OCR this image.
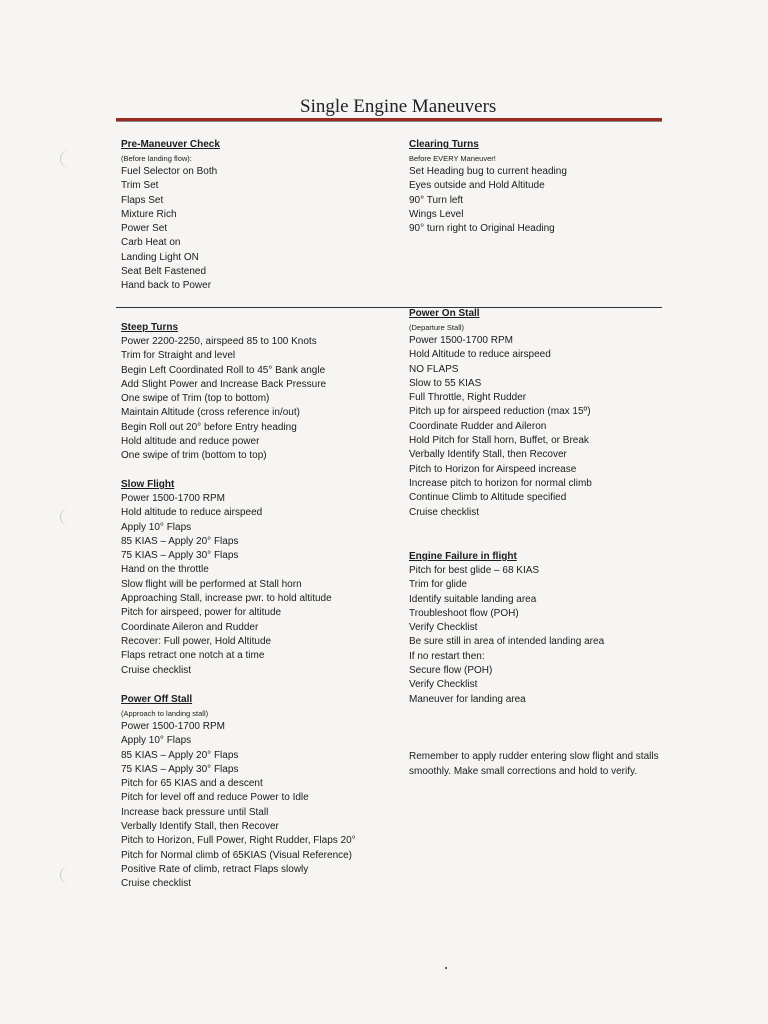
Single Engine Maneuvers
Pre-Maneuver Check
(Before landing flow):
Fuel Selector on Both
Trim Set
Flaps Set
Mixture Rich
Power Set
Carb Heat on
Landing Light ON
Seat Belt Fastened
Hand back to Power
Clearing Turns
Before EVERY Maneuver!
Set Heading bug to current heading
Eyes outside and Hold Altitude
90° Turn left
Wings Level
90° turn right to Original Heading
Steep Turns
Power 2200-2250, airspeed 85 to 100 Knots
Trim for Straight and level
Begin Left Coordinated Roll to 45° Bank angle
Add Slight Power and Increase Back Pressure
One swipe of Trim (top to bottom)
Maintain Altitude (cross reference in/out)
Begin Roll out 20° before Entry heading
Hold altitude and reduce power
One swipe of trim (bottom to top)
Slow Flight
Power 1500-1700 RPM
Hold altitude to reduce airspeed
Apply 10° Flaps
85 KIAS – Apply 20° Flaps
75 KIAS – Apply 30° Flaps
Hand on the throttle
Slow flight will be performed at Stall horn
Approaching Stall, increase pwr. to hold altitude
Pitch for airspeed, power for altitude
Coordinate Aileron and Rudder
Recover: Full power, Hold Altitude
Flaps retract one notch at a time
Cruise checklist
Power Off Stall
(Approach to landing stall)
Power 1500-1700 RPM
Apply 10° Flaps
85 KIAS – Apply 20° Flaps
75 KIAS – Apply 30° Flaps
Pitch for 65 KIAS and a descent
Pitch for level off and reduce Power to Idle
Increase back pressure until Stall
Verbally Identify Stall, then Recover
Pitch to Horizon, Full Power, Right Rudder, Flaps 20°
Pitch for Normal climb of 65KIAS (Visual Reference)
Positive Rate of climb, retract Flaps slowly
Cruise checklist
Power On Stall
(Departure Stall)
Power 1500-1700 RPM
Hold Altitude to reduce airspeed
NO FLAPS
Slow to 55 KIAS
Full Throttle, Right Rudder
Pitch up for airspeed reduction (max 15º)
Coordinate Rudder and Aileron
Hold Pitch for Stall horn, Buffet, or Break
Verbally Identify Stall, then Recover
Pitch to Horizon for Airspeed increase
Increase pitch to horizon for normal climb
Continue Climb to Altitude specified
Cruise checklist
Engine Failure in flight
Pitch for best glide – 68 KIAS
Trim for glide
Identify suitable landing area
Troubleshoot flow (POH)
Verify Checklist
Be sure still in area of intended landing area
If no restart then:
Secure flow (POH)
Verify Checklist
Maneuver for landing area
Remember to apply rudder entering slow flight and stalls smoothly. Make small corrections and hold to verify.
